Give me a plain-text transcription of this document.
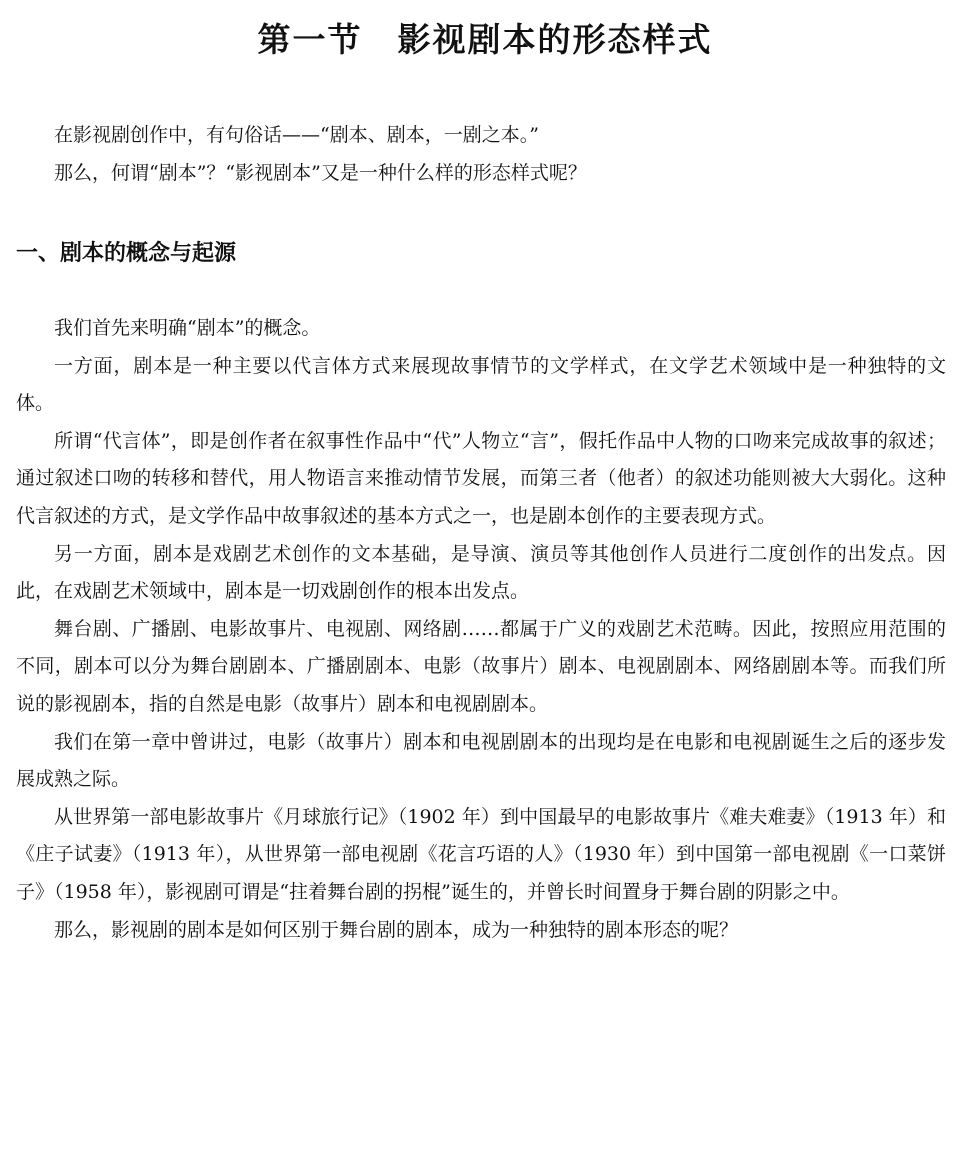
第一节　影视剧本的形态样式

在影视剧创作中，有句俗话——“剧本、剧本，一剧之本。”

那么，何谓“剧本”？“影视剧本”又是一种什么样的形态样式呢？

一、剧本的概念与起源

我们首先来明确“剧本”的概念。

一方面，剧本是一种主要以代言体方式来展现故事情节的文学样式，在文学艺术领域中是一种独特的文体。

所谓“代言体”，即是创作者在叙事性作品中“代”人物立“言”，假托作品中人物的口吻来完成故事的叙述；通过叙述口吻的转移和替代，用人物语言来推动情节发展，而第三者（他者）的叙述功能则被大大弱化。这种代言叙述的方式，是文学作品中故事叙述的基本方式之一，也是剧本创作的主要表现方式。

另一方面，剧本是戏剧艺术创作的文本基础，是导演、演员等其他创作人员进行二度创作的出发点。因此，在戏剧艺术领域中，剧本是一切戏剧创作的根本出发点。

舞台剧、广播剧、电影故事片、电视剧、网络剧……都属于广义的戏剧艺术范畴。因此，按照应用范围的不同，剧本可以分为舞台剧剧本、广播剧剧本、电影（故事片）剧本、电视剧剧本、网络剧剧本等。而我们所说的影视剧本，指的自然是电影（故事片）剧本和电视剧剧本。

我们在第一章中曾讲过，电影（故事片）剧本和电视剧剧本的出现均是在电影和电视剧诞生之后的逐步发展成熟之际。

从世界第一部电影故事片《月球旅行记》（1902 年）到中国最早的电影故事片《难夫难妻》（1913 年）和《庄子试妻》（1913 年），从世界第一部电视剧《花言巧语的人》（1930 年）到中国第一部电视剧《一口菜饼子》（1958 年），影视剧可谓是“拄着舞台剧的拐棍”诞生的，并曾长时间置身于舞台剧的阴影之中。

那么，影视剧的剧本是如何区别于舞台剧的剧本，成为一种独特的剧本形态的呢？
